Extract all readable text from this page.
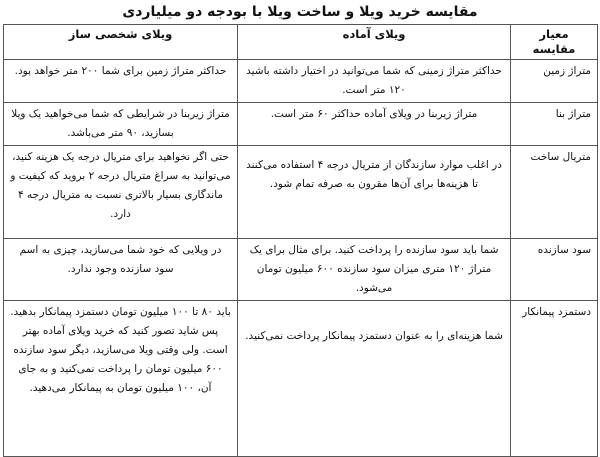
مقایسه خرید ویلا و ساخت ویلا با بودجه دو میلیاردی
معیار مقایسه	ویلای آماده	ویلای شخصی ساز
متراژ زمین	حداکثر متراژ زمینی که شما می‌توانید در اختیار داشته باشید ۱۲۰ متر است.	حداکثر متراژ زمین برای شما ۲۰۰ متر خواهد بود.
متراژ بنا	متراژ زیربنا در ویلای آماده حداکثر ۶۰ متر است.	متراژ زیربنا در شرایطی که شما می‌خواهید یک ویلا بسازید، ۹۰ متر می‌باشد.
متریال ساخت	در اغلب موارد سازندگان از متریال درجه ۴ استفاده می‌کنند تا هزینه‌ها برای آن‌ها مقرون به صرفه تمام شود.	حتی اگر نخواهید برای متریال درجه یک هزینه کنید، می‌توانید به سراغ متریال درجه ۲ بروید که کیفیت و ماندگاری بسیار بالاتری نسبت به متریال درجه ۴ دارد.
سود سازنده	شما باید سود سازنده را پرداخت کنید. برای مثال برای یک متراژ ۱۲۰ متری میزان سود سازنده ۶۰۰ میلیون تومان می‌شود.	در ویلایی که خود شما می‌سازید، چیزی به اسم سود سازنده وجود ندارد.
دستمزد پیمانکار	شما هزینه‌ای را به عنوان دستمزد پیمانکار پرداخت نمی‌کنید.	باید ۸۰ تا ۱۰۰ میلیون تومان دستمزد پیمانکار بدهید. پس شاید تصور کنید که خرید ویلای آماده بهتر است. ولی وقتی ویلا می‌سازید، دیگر سود سازنده ۶۰۰ میلیون تومان را پرداخت نمی‌کنید و به جای آن، ۱۰۰ میلیون تومان به پیمانکار می‌دهید.
